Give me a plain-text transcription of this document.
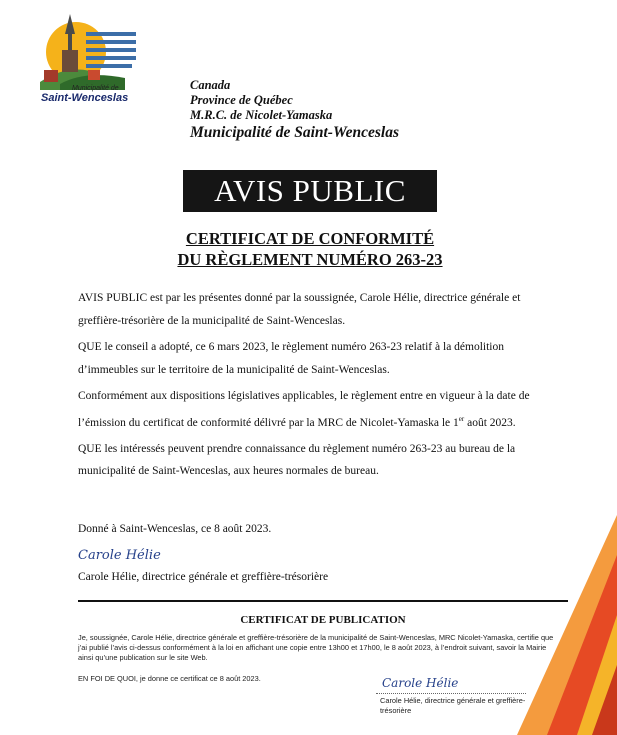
Municipalité de
Saint-Wenceslas
Canada
Province de Québec
M.R.C. de Nicolet-Yamaska
Municipalité de Saint-Wenceslas
AVIS PUBLIC
CERTIFICAT DE CONFORMITÉ
DU RÈGLEMENT NUMÉRO 263-23

AVIS PUBLIC est par les présentes donné par la soussignée, Carole Hélie, directrice générale et greffière-trésorière de la municipalité de Saint-Wenceslas.

QUE le conseil a adopté, ce 6 mars 2023, le règlement numéro 263-23 relatif à la démolition d’immeubles sur le territoire de la municipalité de Saint-Wenceslas.

Conformément aux dispositions législatives applicables, le règlement entre en vigueur à la date de l’émission du certificat de conformité délivré par la MRC de Nicolet-Yamaska le 1er août 2023.

QUE les intéressés peuvent prendre connaissance du règlement numéro 263-23 au bureau de la municipalité de Saint-Wenceslas, aux heures normales de bureau.

Donné à Saint-Wenceslas, ce 8 août 2023.
Carole Hélie
Carole Hélie, directrice générale et greffière-trésorière
CERTIFICAT DE PUBLICATION
Je, soussignée, Carole Hélie, directrice générale et greffière-trésorière de la municipalité de Saint-Wenceslas, MRC Nicolet-Yamaska, certifie que j’ai publié l’avis ci-dessus conformément à la loi en affichant une copie entre 13h00 et 17h00, le 8 août 2023, à l’endroit suivant, savoir la Mairie ainsi qu’une publication sur le site Web.
EN FOI DE QUOI, je donne ce certificat ce 8 août 2023.	Carole Hélie
Carole Hélie, directrice générale et greffière-trésorière
